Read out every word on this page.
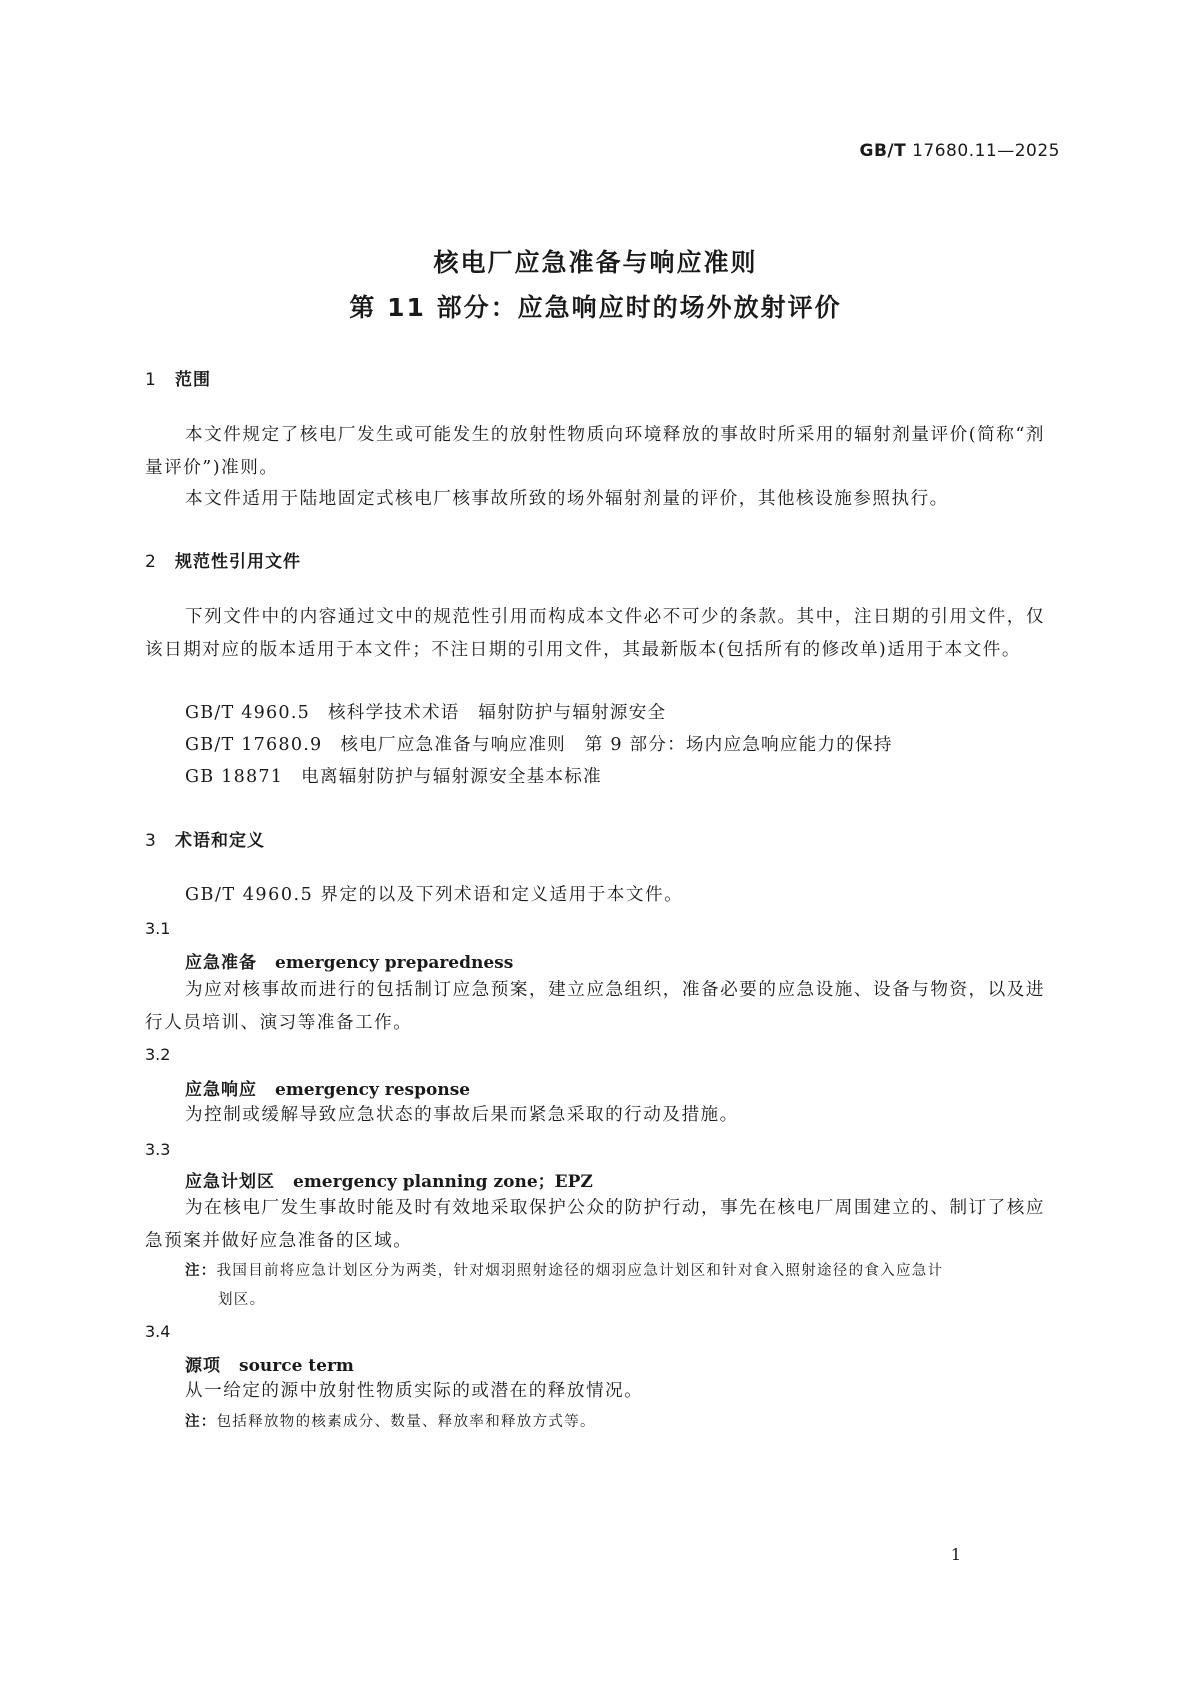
GB/T 17680.11—2025
核电厂应急准备与响应准则
第 11 部分：应急响应时的场外放射评价
1 范围
本文件规定了核电厂发生或可能发生的放射性物质向环境释放的事故时所采用的辐射剂量评价(简称“剂量评价”)准则。
本文件适用于陆地固定式核电厂核事故所致的场外辐射剂量的评价，其他核设施参照执行。
2 规范性引用文件
下列文件中的内容通过文中的规范性引用而构成本文件必不可少的条款。其中，注日期的引用文件，仅该日期对应的版本适用于本文件；不注日期的引用文件，其最新版本(包括所有的修改单)适用于本文件。
GB/T 4960.5 核科学技术术语　辐射防护与辐射源安全
GB/T 17680.9 核电厂应急准备与响应准则　第 9 部分：场内应急响应能力的保持
GB 18871 电离辐射防护与辐射源安全基本标准
3 术语和定义
GB/T 4960.5 界定的以及下列术语和定义适用于本文件。
3.1
应急准备 emergency preparedness
为应对核事故而进行的包括制订应急预案，建立应急组织，准备必要的应急设施、设备与物资，以及进行人员培训、演习等准备工作。
3.2
应急响应 emergency response
为控制或缓解导致应急状态的事故后果而紧急采取的行动及措施。
3.3
应急计划区 emergency planning zone；EPZ
为在核电厂发生事故时能及时有效地采取保护公众的防护行动，事先在核电厂周围建立的、制订了核应急预案并做好应急准备的区域。
注：我国目前将应急计划区分为两类，针对烟羽照射途径的烟羽应急计划区和针对食入照射途径的食入应急计
划区。
3.4
源项 source term
从一给定的源中放射性物质实际的或潜在的释放情况。
注：包括释放物的核素成分、数量、释放率和释放方式等。
1
